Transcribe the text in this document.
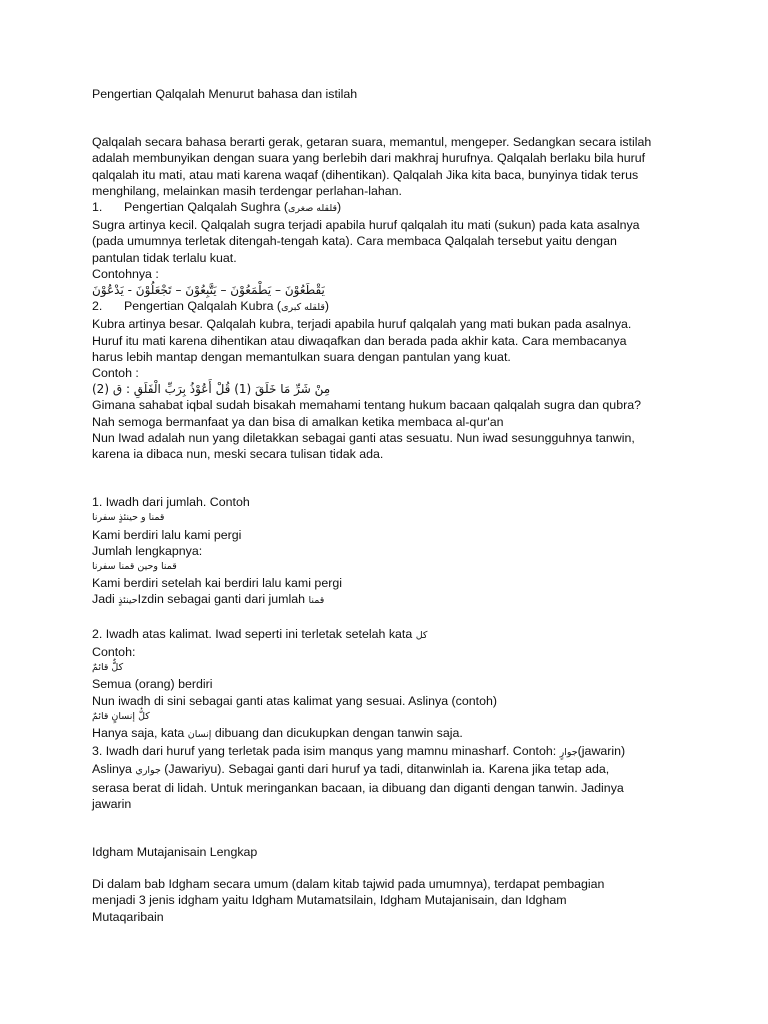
Pengertian Qalqalah Menurut bahasa dan istilah
Qalqalah secara bahasa berarti gerak, getaran suara, memantul, mengeper. Sedangkan secara istilah
adalah membunyikan dengan suara yang berlebih dari makhraj hurufnya. Qalqalah berlaku bila huruf
qalqalah itu mati, atau mati karena waqaf (dihentikan). Qalqalah Jika kita baca, bunyinya tidak terus
menghilang, melainkan masih terdengar perlahan-lahan.
1. Pengertian Qalqalah Sughra (قلقله صغرى)
Sugra artinya kecil. Qalqalah sugra terjadi apabila huruf qalqalah itu mati (sukun) pada kata asalnya
(pada umumnya terletak ditengah-tengah kata). Cara membaca Qalqalah tersebut yaitu dengan
pantulan tidak terlalu kuat.
Contohnya :
يَقْطَعُوْنَ – يَطْمَعُوْنَ – يَتَّبِعُوْنَ – تَجْعَلُوْنَ - يَدْعُوْنَ
2. Pengertian Qalqalah Kubra (قلقله كبرى)
Kubra artinya besar. Qalqalah kubra, terjadi apabila huruf qalqalah yang mati bukan pada asalnya.
Huruf itu mati karena dihentikan atau diwaqafkan dan berada pada akhir kata. Cara membacanya
harus lebih mantap dengan memantulkan suara dengan pantulan yang kuat.
Contoh :
(2) مِنْ شَرِّ مَا خَلَقَ (1) قُلْ أَعُوْذُ بِرَبِّ الْفَلَقِ : ق
Gimana sahabat iqbal sudah bisakah memahami tentang hukum bacaan qalqalah sugra dan qubra?
Nah semoga bermanfaat ya dan bisa di amalkan ketika membaca al-qur'an
Nun Iwad adalah nun yang diletakkan sebagai ganti atas sesuatu. Nun iwad sesungguhnya tanwin,
karena ia dibaca nun, meski secara tulisan tidak ada.
1. Iwadh dari jumlah. Contoh
قمنا و حينئذٍ سفرنا
Kami berdiri lalu kami pergi
Jumlah lengkapnya:
قمنا وحين قمنا سفرنا
Kami berdiri setelah kai berdiri lalu kami pergi
Jadi حينئذٍIzdin sebagai ganti dari jumlah قمنا
2. Iwadh atas kalimat. Iwad seperti ini terletak setelah kata كل
Contoh:
كلٌّ قائمٌ
Semua (orang) berdiri
Nun iwadh di sini sebagai ganti atas kalimat yang sesuai. Aslinya (contoh)
كلُّ إنسانٍ قائمٌ
Hanya saja, kata إنسان dibuang dan dicukupkan dengan tanwin saja.
3. Iwadh dari huruf yang terletak pada isim manqus yang mamnu minasharf. Contoh: جوارٍ(jawarin)
Aslinya جواري (Jawariyu). Sebagai ganti dari huruf ya tadi, ditanwinlah ia. Karena jika tetap ada,
serasa berat di lidah. Untuk meringankan bacaan, ia dibuang dan diganti dengan tanwin. Jadinya
jawarin
Idgham Mutajanisain Lengkap
Di dalam bab Idgham secara umum (dalam kitab tajwid pada umumnya), terdapat pembagian
menjadi 3 jenis idgham yaitu Idgham Mutamatsilain, Idgham Mutajanisain, dan Idgham
Mutaqaribain
